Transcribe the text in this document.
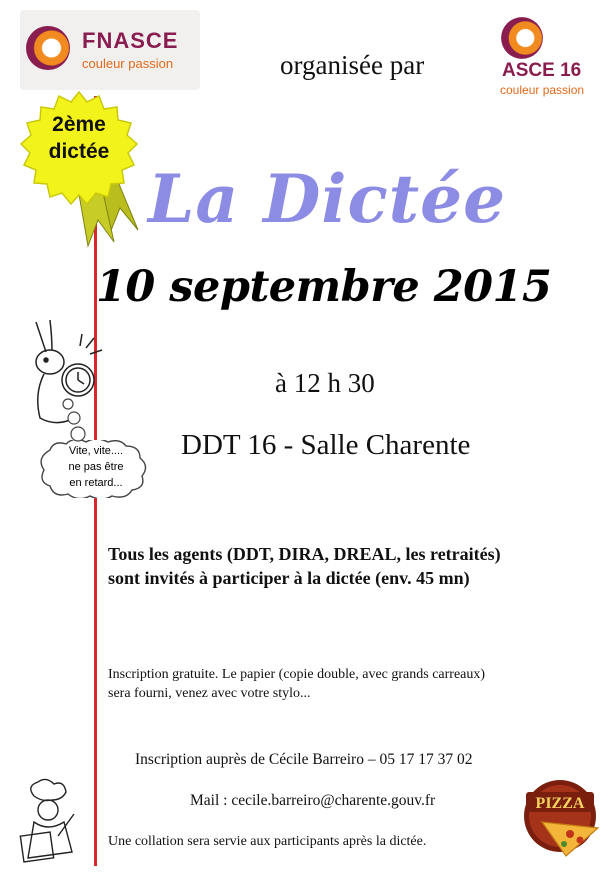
FNASCE
couleur passion	organisée par	ASCE 16
couleur passion
2ème
dictée
La Dictée
10 septembre 2015
Vite, vite....
ne pas être
en retard...
à 12 h 30
DDT 16 - Salle Charente
Tous les agents (DDT, DIRA, DREAL, les retraités)
sont invités à participer à la dictée (env. 45 mn)
Inscription gratuite. Le papier (copie double, avec grands carreaux)
sera fourni, venez avec votre stylo...
Inscription auprès de Cécile Barreiro – 05 17 17 37 02
Mail : cecile.barreiro@charente.gouv.fr
Une collation sera servie aux participants après la dictée.
PIZZA
